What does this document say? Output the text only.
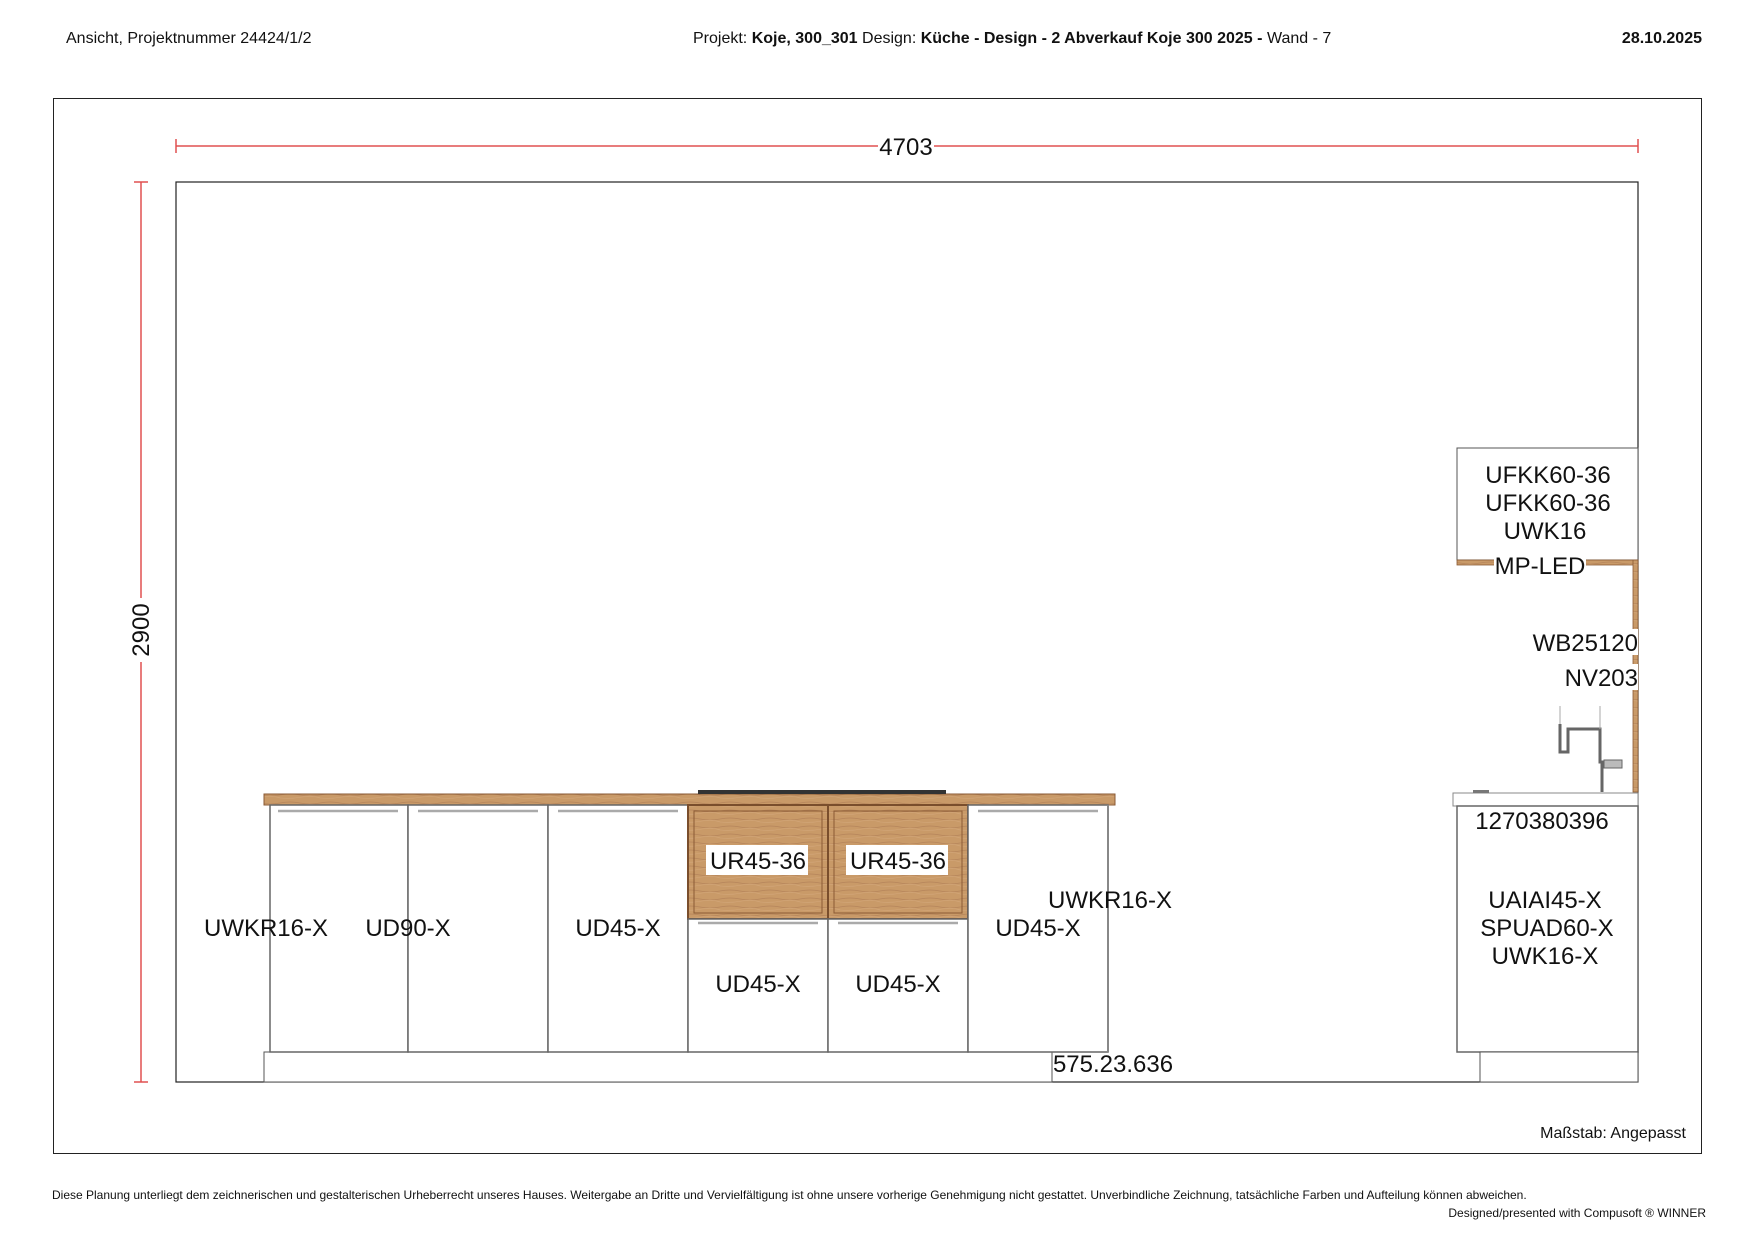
Ansicht, Projektnummer 24424/1/2	Projekt: Koje, 300_301 Design: Küche - Design - 2 Abverkauf Koje 300 2025 - Wand - 7	28.10.2025
4703
2900
UWKR16-X UD90-X	UD45-X
UR45-36 UR45-36
UD45-X UD45-X
UD45-X
UWKR16-X
575.23.636
UFKK60-36
UFKK60-36
UWK16
MP-LED
WB25120
NV203
1270380396
UAIAI45-X
SPUAD60-X
UWK16-X
Maßstab: Angepasst
Diese Planung unterliegt dem zeichnerischen und gestalterischen Urheberrecht unseres Hauses. Weitergabe an Dritte und Vervielfältigung ist ohne unsere vorherige Genehmigung nicht gestattet. Unverbindliche Zeichnung, tatsächliche Farben und Aufteilung können abweichen.
Designed/presented with Compusoft ® WINNER
